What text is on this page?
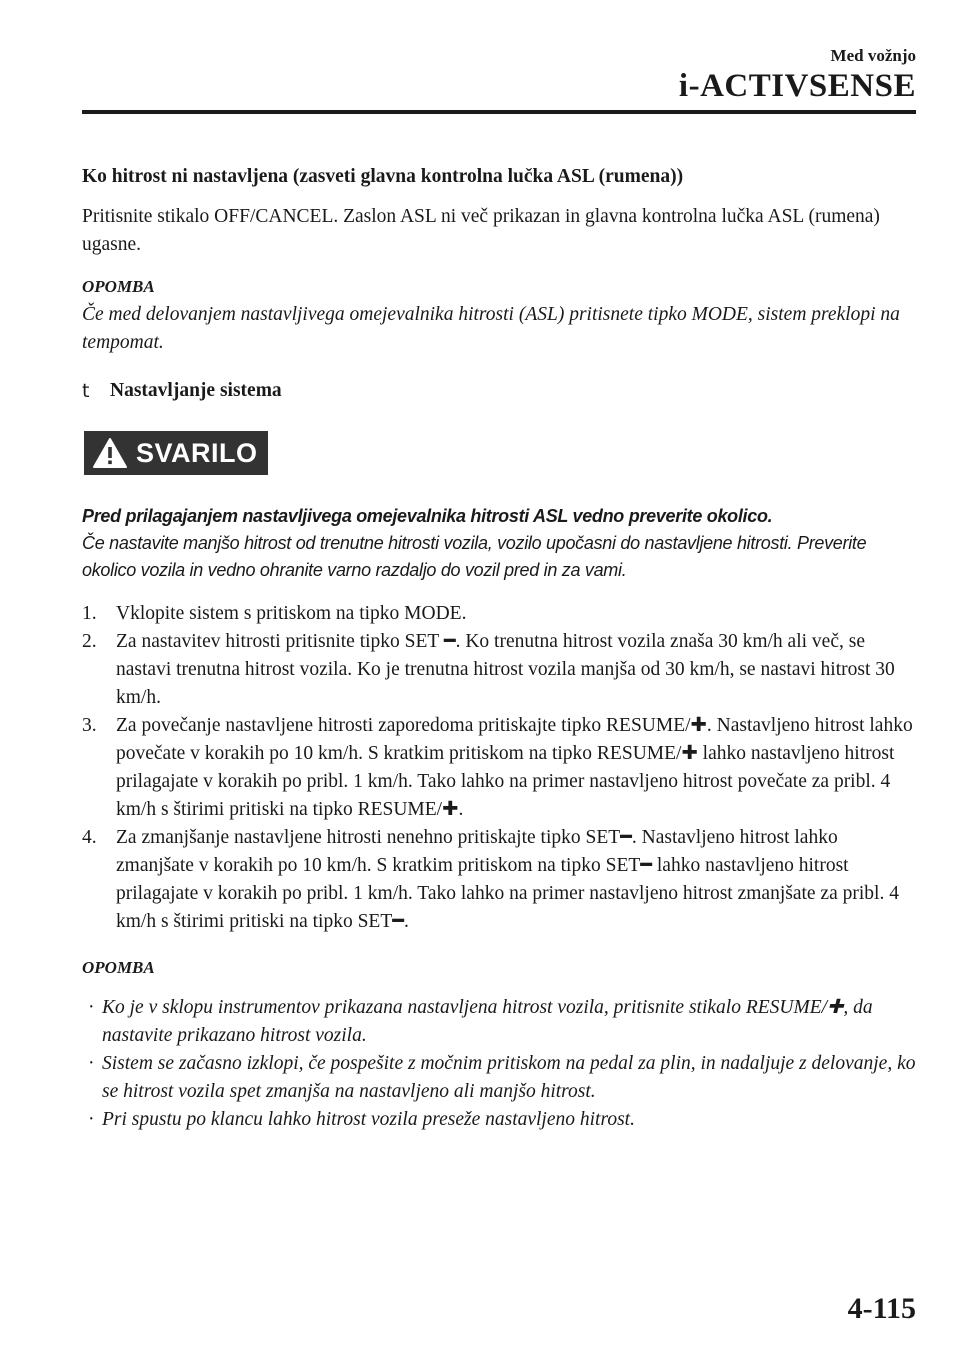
Med vožnjo
i-ACTIVSENSE

Ko hitrost ni nastavljena (zasveti glavna kontrolna lučka ASL (rumena))

Pritisnite stikalo OFF/CANCEL. Zaslon ASL ni več prikazan in glavna kontrolna lučka ASL (rumena) ugasne.

OPOMBA

Če med delovanjem nastavljivega omejevalnika hitrosti (ASL) pritisnete tipko MODE, sistem preklopi na tempomat.

t Nastavljanje sistema

SVARILO
Pred prilagajanjem nastavljivega omejevalnika hitrosti ASL vedno preverite okolico.
Če nastavite manjšo hitrost od trenutne hitrosti vozila, vozilo upočasni do nastavljene hitrosti. Preverite okolico vozila in vedno ohranite varno razdaljo do vozil pred in za vami.
1. Vklopite sistem s pritiskom na tipko MODE.
2. Za nastavitev hitrosti pritisnite tipko SET ━. Ko trenutna hitrost vozila znaša 30 km/h ali več, se nastavi trenutna hitrost vozila. Ko je trenutna hitrost vozila manjša od 30 km/h, se nastavi hitrost 30 km/h.
3. Za povečanje nastavljene hitrosti zaporedoma pritiskajte tipko RESUME/✚. Nastavljeno hitrost lahko povečate v korakih po 10 km/h. S kratkim pritiskom na tipko RESUME/✚ lahko nastavljeno hitrost prilagajate v korakih po pribl. 1 km/h. Tako lahko na primer nastavljeno hitrost povečate za pribl. 4 km/h s štirimi pritiski na tipko RESUME/✚.
4. Za zmanjšanje nastavljene hitrosti nenehno pritiskajte tipko SET━. Nastavljeno hitrost lahko zmanjšate v korakih po 10 km/h. S kratkim pritiskom na tipko SET━ lahko nastavljeno hitrost prilagajate v korakih po pribl. 1 km/h. Tako lahko na primer nastavljeno hitrost zmanjšate za pribl. 4 km/h s štirimi pritiski na tipko SET━.

OPOMBA

· Ko je v sklopu instrumentov prikazana nastavljena hitrost vozila, pritisnite stikalo RESUME/✚, da nastavite prikazano hitrost vozila.
· Sistem se začasno izklopi, če pospešite z močnim pritiskom na pedal za plin, in nadaljuje z delovanje, ko se hitrost vozila spet zmanjša na nastavljeno ali manjšo hitrost.
· Pri spustu po klancu lahko hitrost vozila preseže nastavljeno hitrost.
4-115
